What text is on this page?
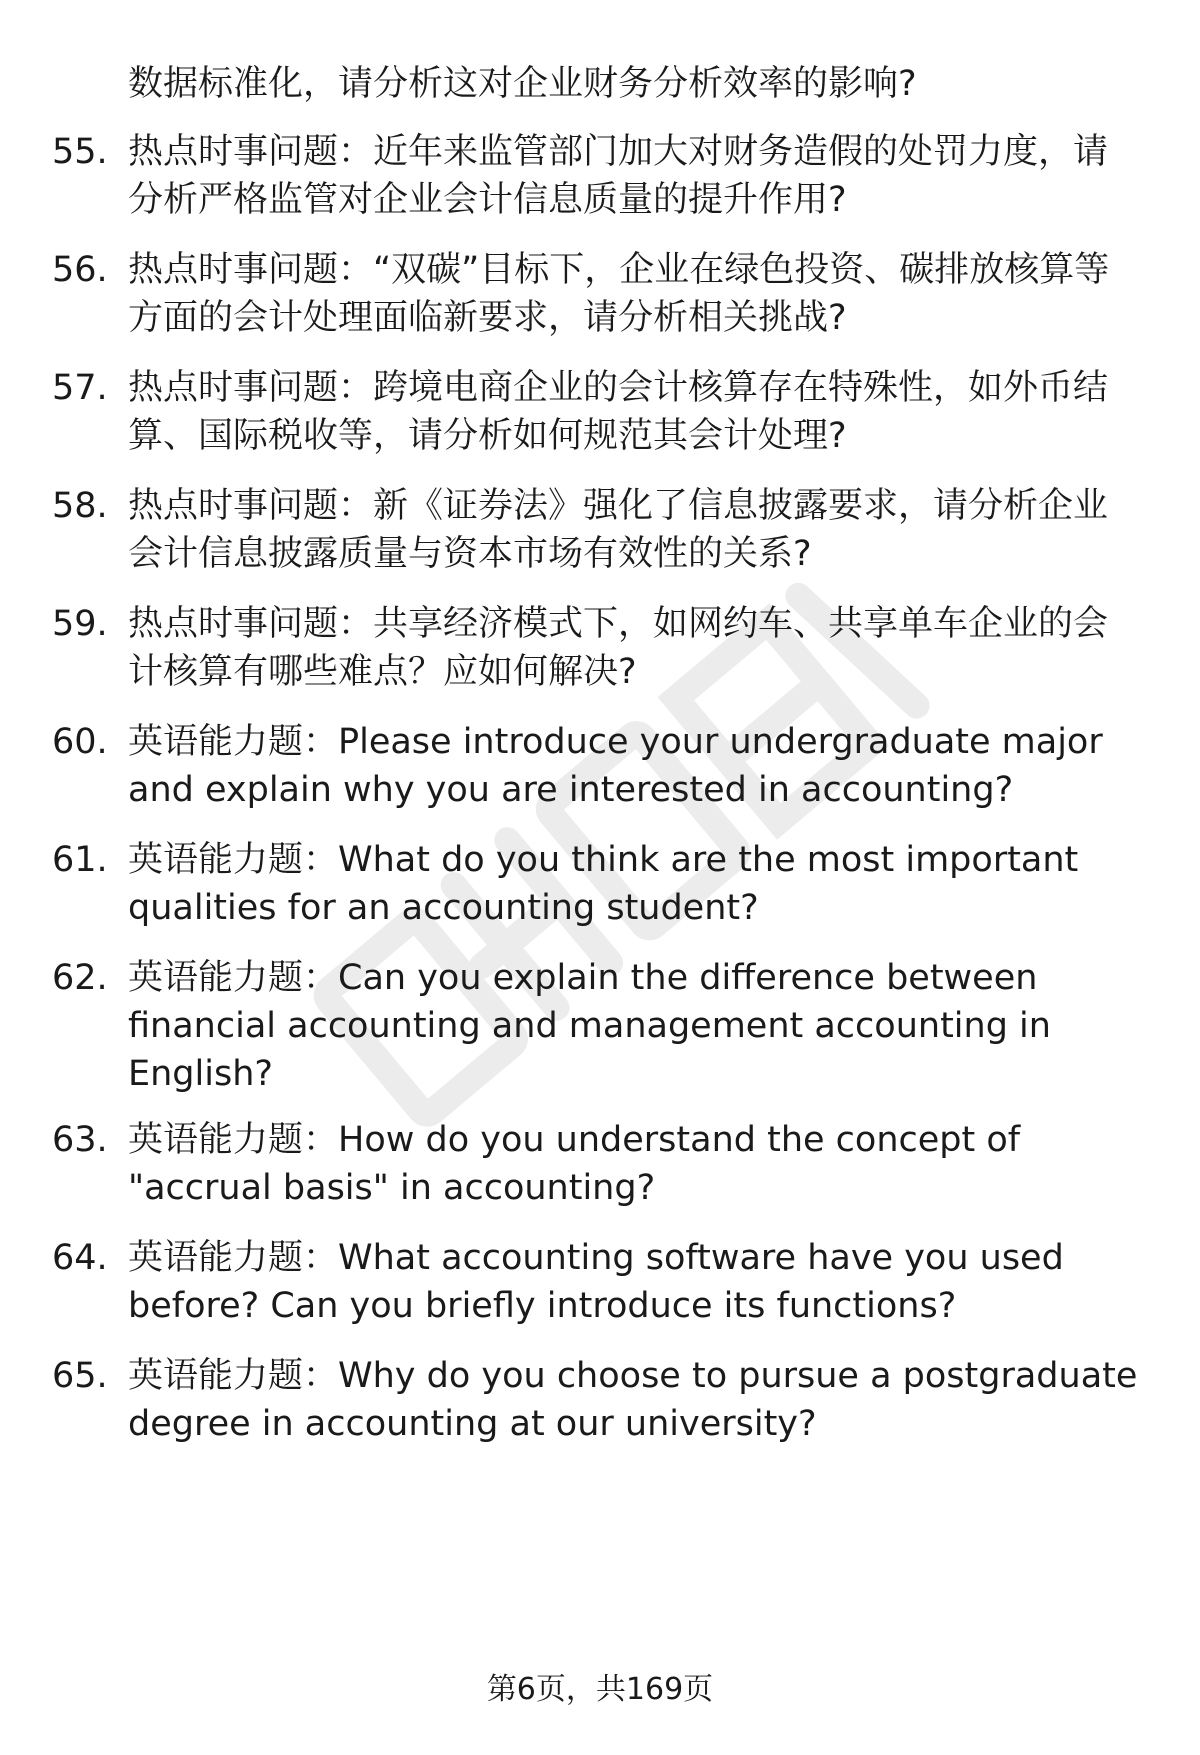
数据标准化，请分析这对企业财务分析效率的影响?
55. 热点时事问题：近年来监管部门加大对财务造假的处罚力度，请分析严格监管对企业会计信息质量的提升作用?
56. 热点时事问题：“双碳”目标下，企业在绿色投资、碳排放核算等方面的会计处理面临新要求，请分析相关挑战?
57. 热点时事问题：跨境电商企业的会计核算存在特殊性，如外币结算、国际税收等，请分析如何规范其会计处理?
58. 热点时事问题：新《证券法》强化了信息披露要求，请分析企业会计信息披露质量与资本市场有效性的关系?
59. 热点时事问题：共享经济模式下，如网约车、共享单车企业的会计核算有哪些难点？应如何解决?
60. 英语能力题：Please introduce your undergraduate major and explain why you are interested in accounting?
61. 英语能力题：What do you think are the most important qualities for an accounting student?
62. 英语能力题：Can you explain the difference between financial accounting and management accounting in English?
63. 英语能力题：How do you understand the concept of "accrual basis" in accounting?
64. 英语能力题：What accounting software have you used before? Can you briefly introduce its functions?
65. 英语能力题：Why do you choose to pursue a postgraduate degree in accounting at our university?
第6页，共169页
